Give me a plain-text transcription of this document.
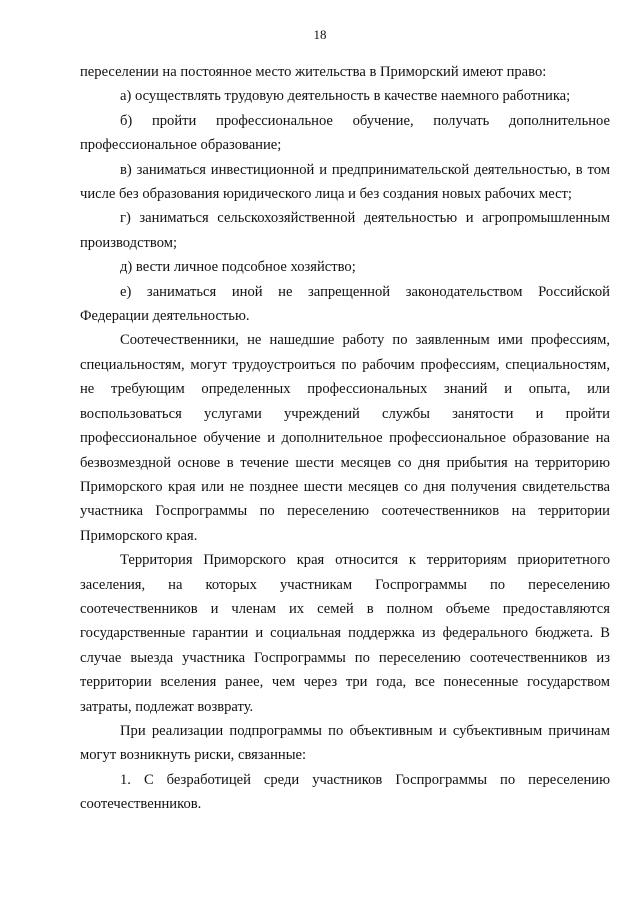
18

переселении на постоянное место жительства в Приморский имеют право:

а) осуществлять трудовую деятельность в качестве наемного работника;

б) пройти профессиональное обучение, получать дополнительное профессиональное образование;

в) заниматься инвестиционной и предпринимательской деятельностью, в том числе без образования юридического лица и без создания новых рабочих мест;

г) заниматься сельскохозяйственной деятельностью и агропромышленным производством;

д) вести личное подсобное хозяйство;

е) заниматься иной не запрещенной законодательством Российской Федерации деятельностью.

Соотечественники, не нашедшие работу по заявленным ими профессиям, специальностям, могут трудоустроиться по рабочим профессиям, специальностям, не требующим определенных профессиональных знаний и опыта, или воспользоваться услугами учреждений службы занятости и пройти профессиональное обучение и дополнительное профессиональное образование на безвозмездной основе в течение шести месяцев со дня прибытия на территорию Приморского края или не позднее шести месяцев со дня получения свидетельства участника Госпрограммы по переселению соотечественников на территории Приморского края.

Территория Приморского края относится к территориям приоритетного заселения, на которых участникам Госпрограммы по переселению соотечественников и членам их семей в полном объеме предоставляются государственные гарантии и социальная поддержка из федерального бюджета. В случае выезда участника Госпрограммы по переселению соотечественников из территории вселения ранее, чем через три года, все понесенные государством затраты, подлежат возврату.

При реализации подпрограммы по объективным и субъективным причинам могут возникнуть риски, связанные:

1. С безработицей среди участников Госпрограммы по переселению соотечественников.
